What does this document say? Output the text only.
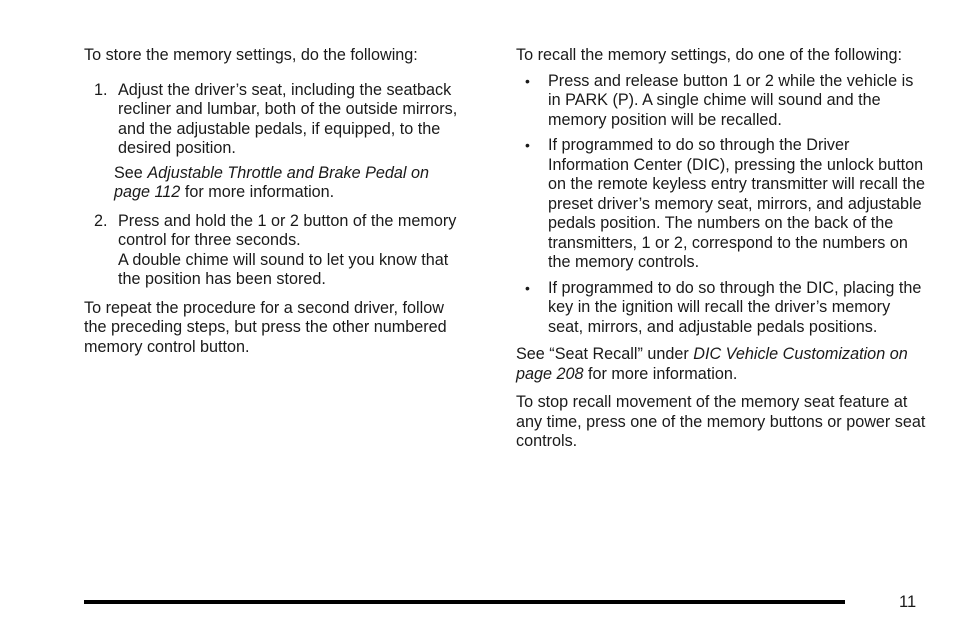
To store the memory settings, do the following:

1. Adjust the driver’s seat, including the seatback recliner and lumbar, both of the outside mirrors, and the adjustable pedals, if equipped, to the desired position.

See Adjustable Throttle and Brake Pedal on page 112 for more information.

2. Press and hold the 1 or 2 button of the memory control for three seconds.

A double chime will sound to let you know that the position has been stored.

To repeat the procedure for a second driver, follow the preceding steps, but press the other numbered memory control button.

To recall the memory settings, do one of the following:

• Press and release button 1 or 2 while the vehicle is in PARK (P). A single chime will sound and the memory position will be recalled.

• If programmed to do so through the Driver Information Center (DIC), pressing the unlock button on the remote keyless entry transmitter will recall the preset driver’s memory seat, mirrors, and adjustable pedals position. The numbers on the back of the transmitters, 1 or 2, correspond to the numbers on the memory controls.

• If programmed to do so through the DIC, placing the key in the ignition will recall the driver’s memory seat, mirrors, and adjustable pedals positions.

See “Seat Recall” under DIC Vehicle Customization on page 208 for more information.

To stop recall movement of the memory seat feature at any time, press one of the memory buttons or power seat controls.

11
